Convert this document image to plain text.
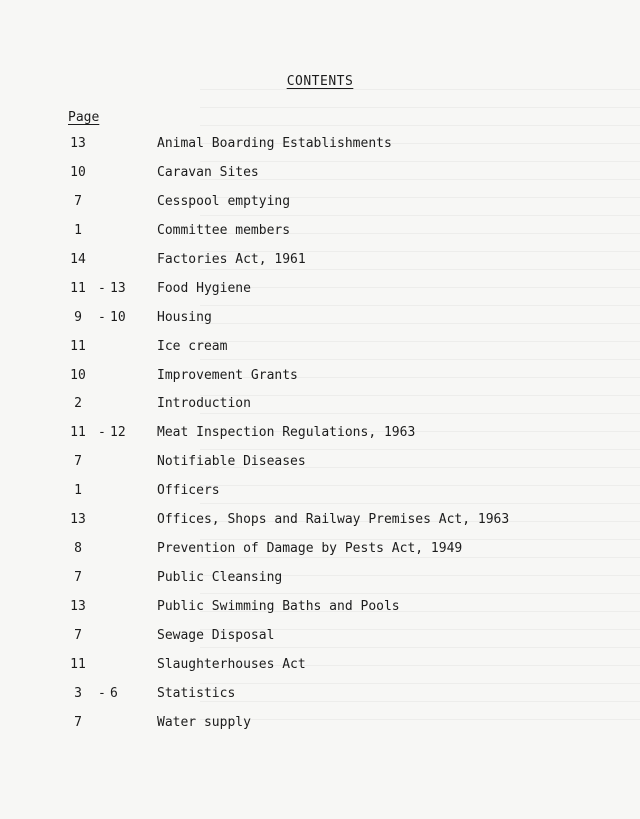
CONTENTS
Page
13	Animal Boarding Establishments
10	Caravan Sites
7	Cesspool emptying
1	Committee members
14	Factories Act, 1961
11 - 13	Food Hygiene
9 - 10	Housing
11	Ice cream
10	Improvement Grants
2	Introduction
11 - 12	Meat Inspection Regulations, 1963
7	Notifiable Diseases
1	Officers
13	Offices, Shops and Railway Premises Act, 1963
8	Prevention of Damage by Pests Act, 1949
7	Public Cleansing
13	Public Swimming Baths and Pools
7	Sewage Disposal
11	Slaughterhouses Act
3 - 6	Statistics
7	Water supply
